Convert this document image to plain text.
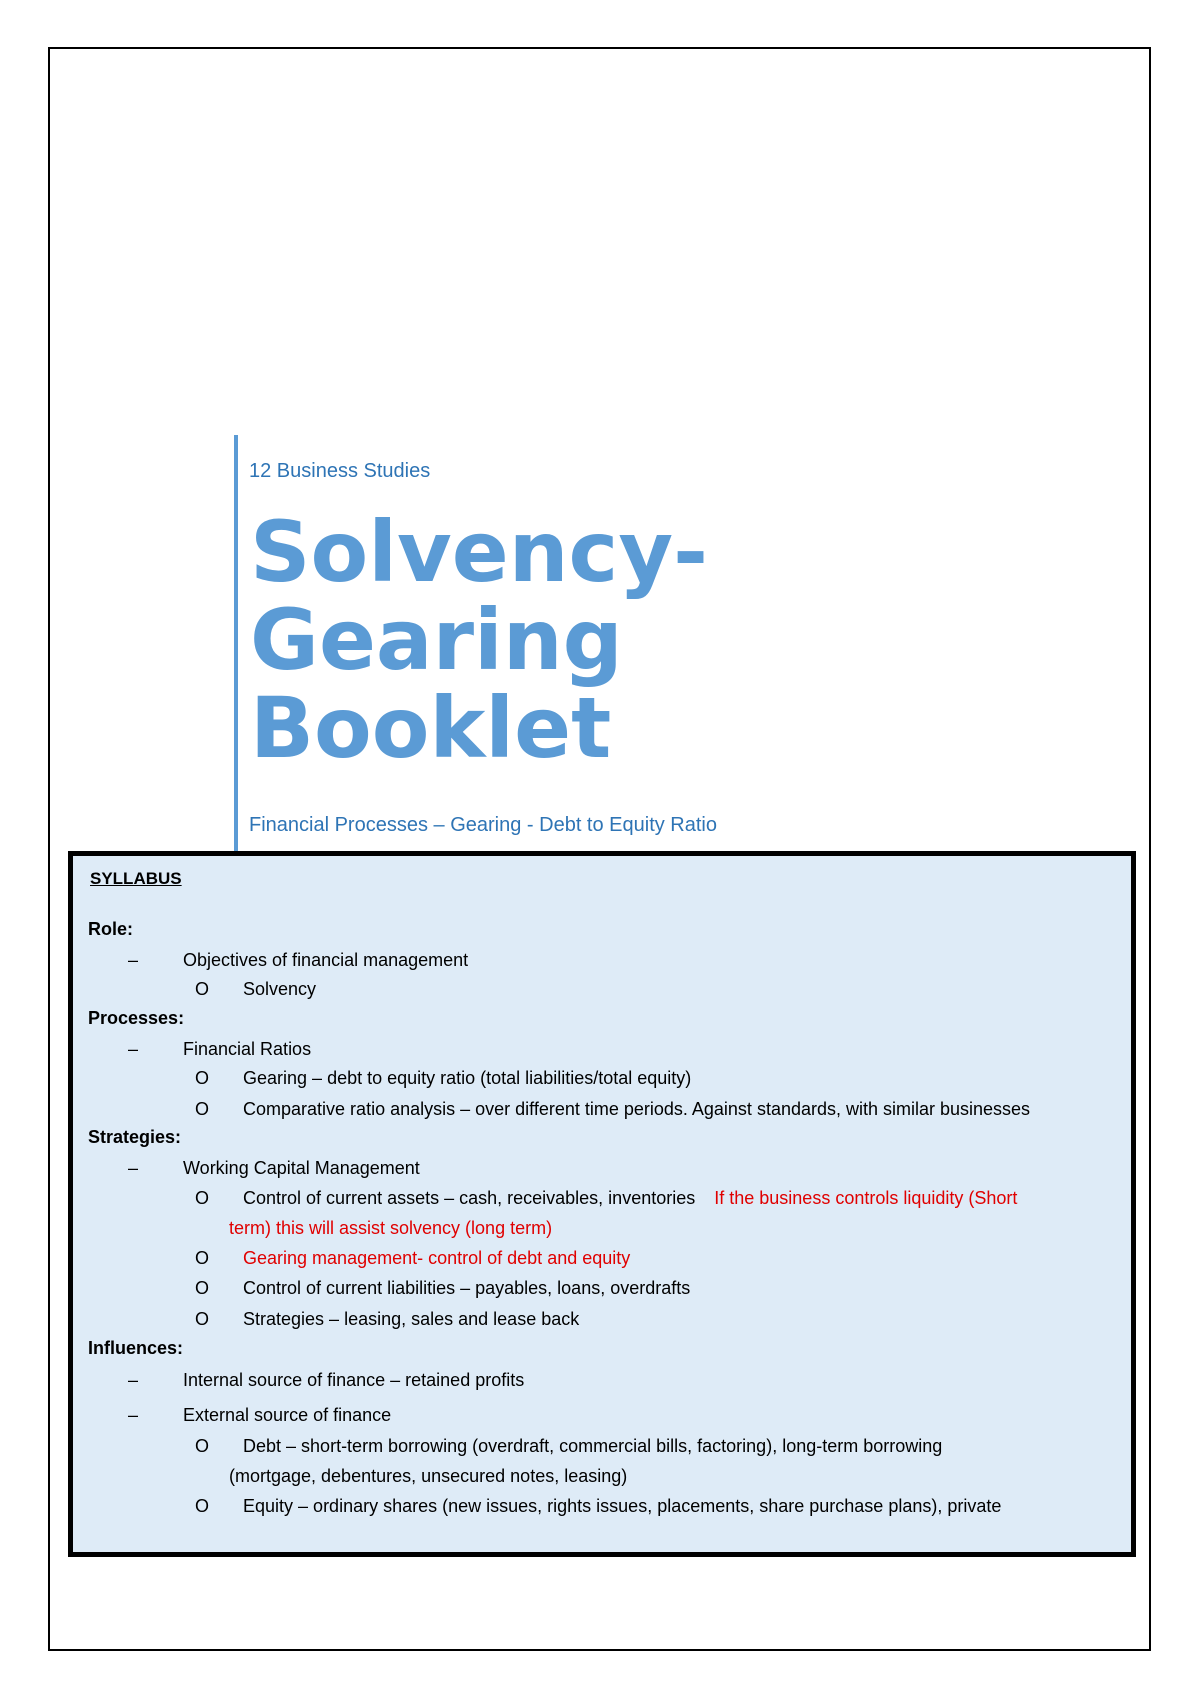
12 Business Studies
Solvency-
Gearing
Booklet
Financial Processes – Gearing - Debt to Equity Ratio
SYLLABUS
Role:
–	Objectives of financial management
O Solvency
Processes:
–	Financial Ratios
O Gearing – debt to equity ratio (total liabilities/total equity)
O Comparative ratio analysis – over different time periods. Against standards, with similar businesses
Strategies:
–	Working Capital Management
O Control of current assets – cash, receivables, inventories If the business controls liquidity (Short
term) this will assist solvency (long term)
O Gearing management- control of debt and equity
O Control of current liabilities – payables, loans, overdrafts
O Strategies – leasing, sales and lease back
Influences:
–	Internal source of finance – retained profits
–	External source of finance
O Debt – short-term borrowing (overdraft, commercial bills, factoring), long-term borrowing
(mortgage, debentures, unsecured notes, leasing)
O Equity – ordinary shares (new issues, rights issues, placements, share purchase plans), private
